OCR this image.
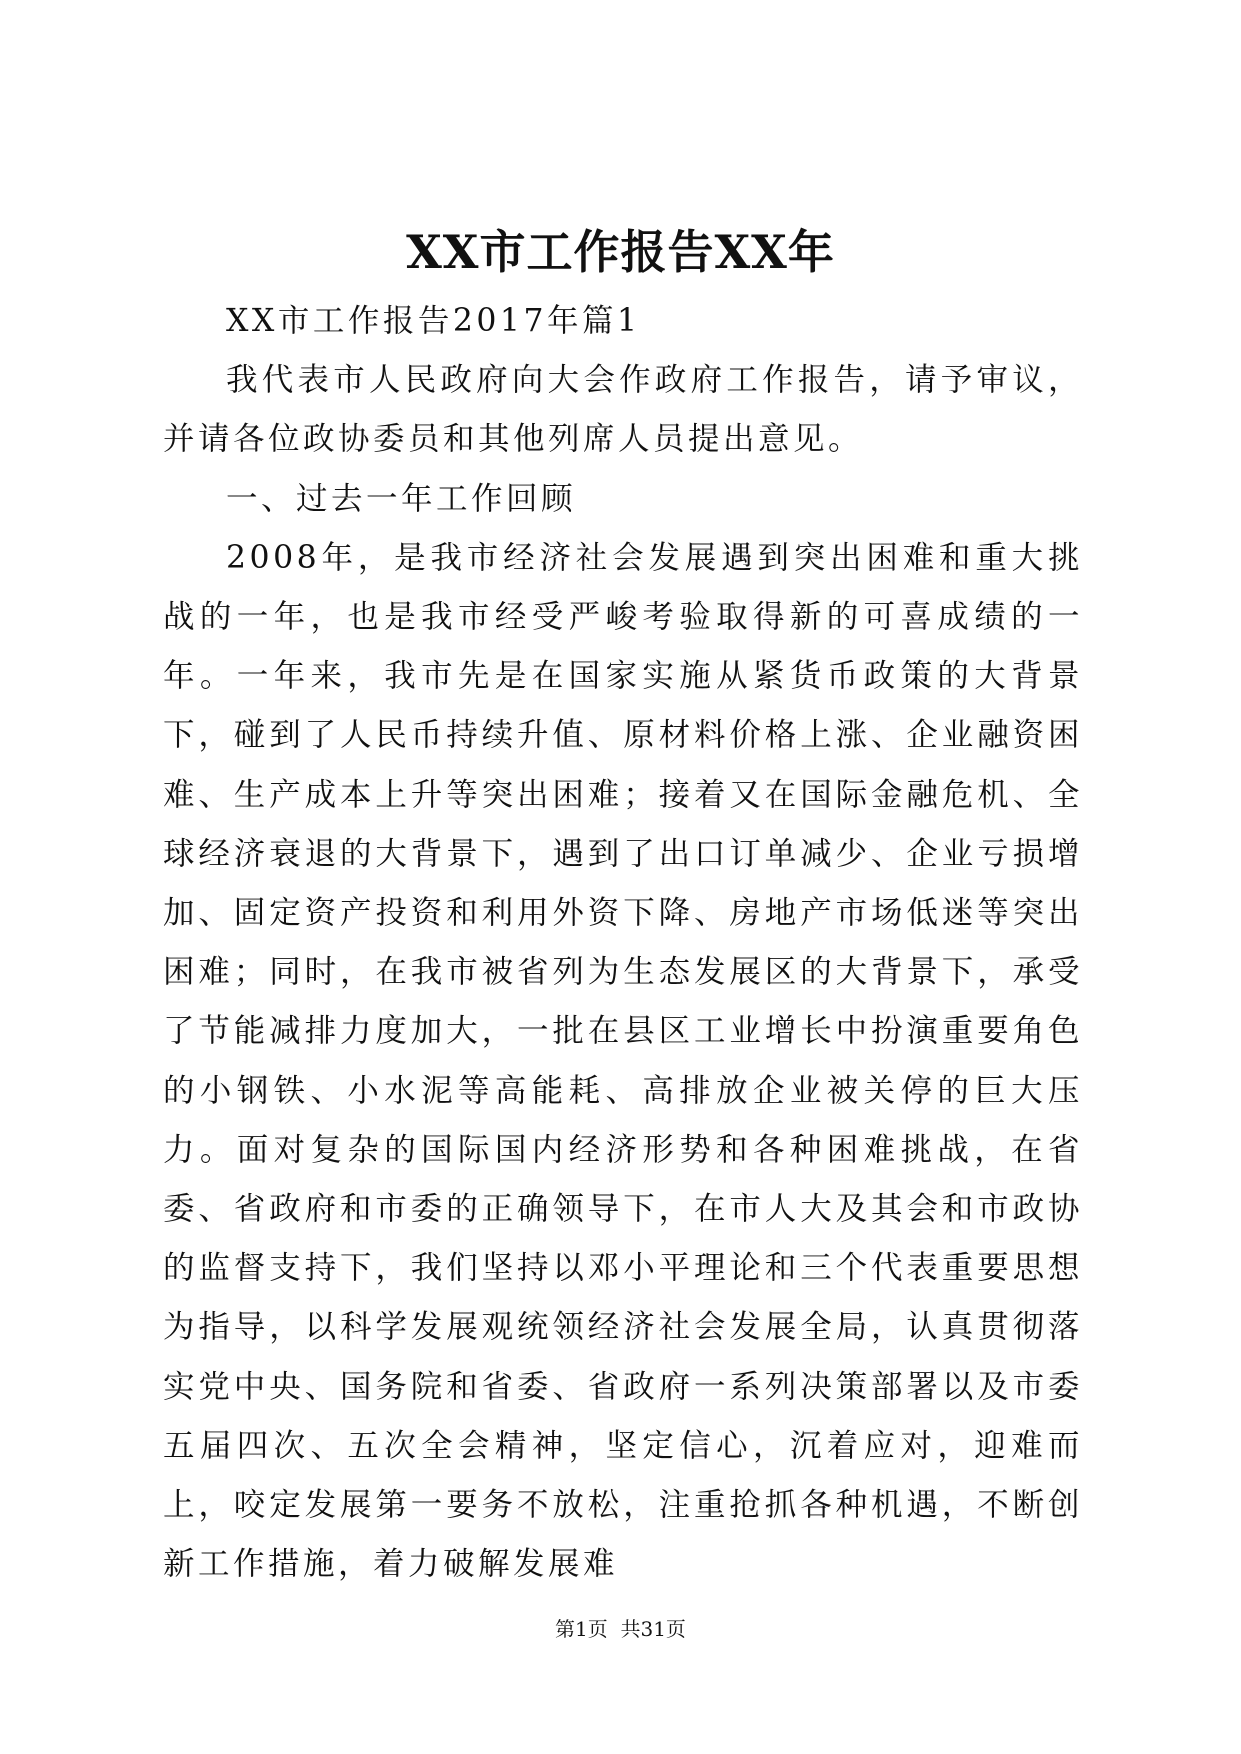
XX市工作报告XX年

XX市工作报告2017年篇1

我代表市人民政府向大会作政府工作报告，请予审议，并请各位政协委员和其他列席人员提出意见。

一、过去一年工作回顾

2008年，是我市经济社会发展遇到突出困难和重大挑战的一年，也是我市经受严峻考验取得新的可喜成绩的一年。一年来，我市先是在国家实施从紧货币政策的大背景下，碰到了人民币持续升值、原材料价格上涨、企业融资困难、生产成本上升等突出困难；接着又在国际金融危机、全球经济衰退的大背景下，遇到了出口订单减少、企业亏损增加、固定资产投资和利用外资下降、房地产市场低迷等突出困难；同时，在我市被省列为生态发展区的大背景下，承受了节能减排力度加大，一批在县区工业增长中扮演重要角色的小钢铁、小水泥等高能耗、高排放企业被关停的巨大压力。面对复杂的国际国内经济形势和各种困难挑战，在省委、省政府和市委的正确领导下，在市人大及其会和市政协的监督支持下，我们坚持以邓小平理论和三个代表重要思想为指导，以科学发展观统领经济社会发展全局，认真贯彻落实党中央、国务院和省委、省政府一系列决策部署以及市委五届四次、五次全会精神，坚定信心，沉着应对，迎难而上，咬定发展第一要务不放松，注重抢抓各种机遇，不断创新工作措施，着力破解发展难

第1页  共31页
